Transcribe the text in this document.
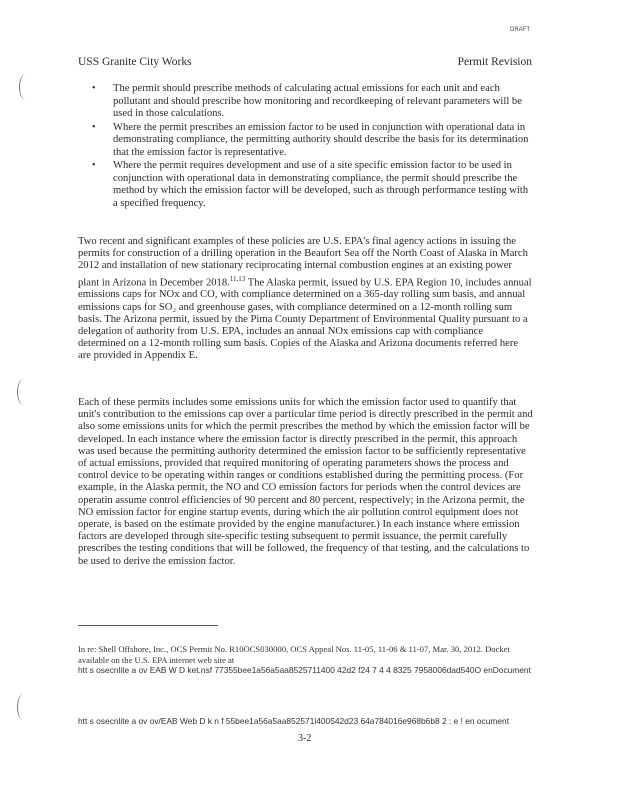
DRAFT
USS Granite City Works	Permit Revision
• The permit should prescribe methods of calculating actual emissions for each unit and each pollutant and should prescribe how monitoring and recordkeeping of relevant parameters will be used in those calculations.
• Where the permit prescribes an emission factor to be used in conjunction with operational data in demonstrating compliance, the permitting authority should describe the basis for its determination that the emission factor is representative.
• Where the permit requires development and use of a site specific emission factor to be used in conjunction with operational data in demonstrating compliance, the permit should prescribe the method by which the emission factor will be developed, such as through performance testing with a specified frequency.

Two recent and significant examples of these policies are U.S. EPA's final agency actions in issuing the permits for construction of a drilling operation in the Beaufort Sea off the North Coast of Alaska in March 2012 and installation of new stationary reciprocating internal combustion engines at an existing power plant in Arizona in December 2018.$^{11,13}$ The Alaska permit, issued by U.S. EPA Region 10, includes annual emissions caps for NOx and CO, with compliance determined on a 365-day rolling sum basis, and annual emissions caps for SO₂ and greenhouse gases, with compliance determined on a 12-month rolling sum basis. The Arizona permit, issued by the Pima County Department of Environmental Quality pursuant to a delegation of authority from U.S. EPA, includes an annual NOx emissions cap with compliance determined on a 12-month rolling sum basis. Copies of the Alaska and Arizona documents referred here are provided in Appendix E.

Each of these permits includes some emissions units for which the emission factor used to quantify that unit's contribution to the emissions cap over a particular time period is directly prescribed in the permit and also some emissions units for which the permit prescribes the method by which the emission factor will be developed. In each instance where the emission factor is directly prescribed in the permit, this approach was used because the permitting authority determined the emission factor to be sufficiently representative of actual emissions, provided that required monitoring of operating parameters shows the process and control device to be operating within ranges or conditions established during the permitting process. (For example, in the Alaska permit, the NO and CO emission factors for periods when the control devices are operatin assume control efficiencies of 90 percent and 80 percent, respectively; in the Arizona permit, the NO emission factor for engine startup events, during which the air pollution control equipment does not operate, is based on the estimate provided by the engine manufacturer.) In each instance where emission factors are developed through site-specific testing subsequent to permit issuance, the permit carefully prescribes the testing conditions that will be followed, the frequency of that testing, and the calculations to be used to derive the emission factor.

In re: Shell Offshore, Inc., OCS Permit No. R10OCS030000, OCS Appeal Nos. 11-05, 11-06 & 11-07, Mar. 30, 2012. Docket available on the U.S. EPA internet web site at
htt s osecnlite a ov EAB W D ket.nsf 77355bee1a56a5aa8525711400 42d2 f24 7 4 4 8325 7958006dad540O enDocument
htt s osecnlite a ov ov/EAB Web D k n f 55bee1a56a5aa852571l400542d23 64a784016e968b6b8 2 : e ! en ocument
3-2
